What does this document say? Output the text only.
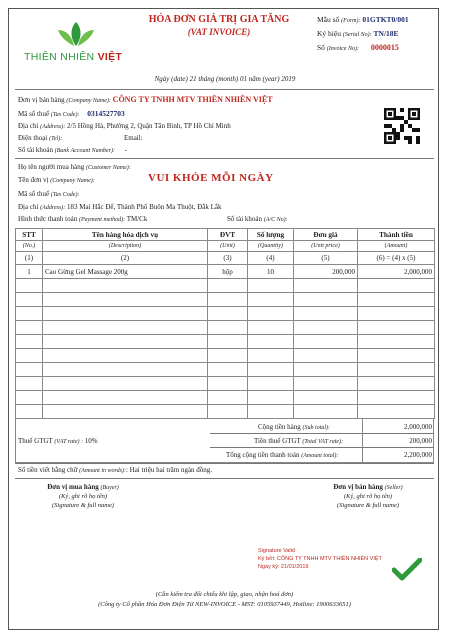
THIÊN NHIÊN VIỆT
HÓA ĐƠN GIÁ TRỊ GIA TĂNG
(VAT INVOICE)
Mẫu số (Form): 01GTKT0/001
Ký hiệu (Serial No): TN/18E
Số (Invoice No): 0000015
Ngày (date) 21 tháng (month) 01 năm (year) 2019
Đơn vị bán hàng (Company Name): CÔNG TY TNHH MTV THIÊN NHIÊN VIỆT
Mã số thuế (Tax Code): 0314527703
Địa chỉ (Address): 2/5 Hồng Hà, Phường 2, Quận Tân Bình, TP Hồ Chí Minh
Điện thoại (Tel):	Email:
Số tài khoản (Bank Account Number): -
Họ tên người mua hàng (Customer Name):
Tên đơn vị (Company Name):	VUI KHỎE MỖI NGÀY
Mã số thuế (Tax Code):
Địa chỉ (Address): 183 Mai Hắc Đế, Thành Phố Buôn Ma Thuột, Đắk Lắk
Hình thức thanh toán (Payment method): TM/Ck	Số tài khoản (A/C No):
STT	Tên hàng hóa dịch vụ	ĐVT	Số lượng	Đơn giá	Thành tiền
(No.)	(Description)	(Unit)	(Quantity)	(Unit price)	(Amount)
(1)	(2)	(3)	(4)	(5)	(6) = (4) x (5)
1	Cao Gừng Gel Massage 200g	hộp	10	200,000	2,000,000

Cộng tiền hàng (Sub total):	2,000,000
Thuế GTGT (VAT rate) : 10%	Tiền thuế GTGT (Total VAT rate):	200,000
Tổng cộng tiền thanh toán (Amount total):	2,200,000
Số tiền viết bằng chữ (Amount in words):: Hai triệu hai trăm ngàn đồng.
Đơn vị mua hàng (Buyer)
(Ký, ghi rõ họ tên)
(Signature & full name)
Đơn vị bán hàng (Seller)
(Ký, ghi rõ họ tên)
(Signature & full name)
Signature Valid
Ký bởi: CÔNG TY TNHH MTV THIÊN NHIÊN VIỆT
Ngày ký: 21/01/2019
(Cần kiểm tra đối chiếu khi lập, giao, nhận hoá đơn)
(Công ty Cổ phần Hóa Đơn Điện Tử NEW-INVOICE - MST: 0105937449, Hotline: 1900633651)
